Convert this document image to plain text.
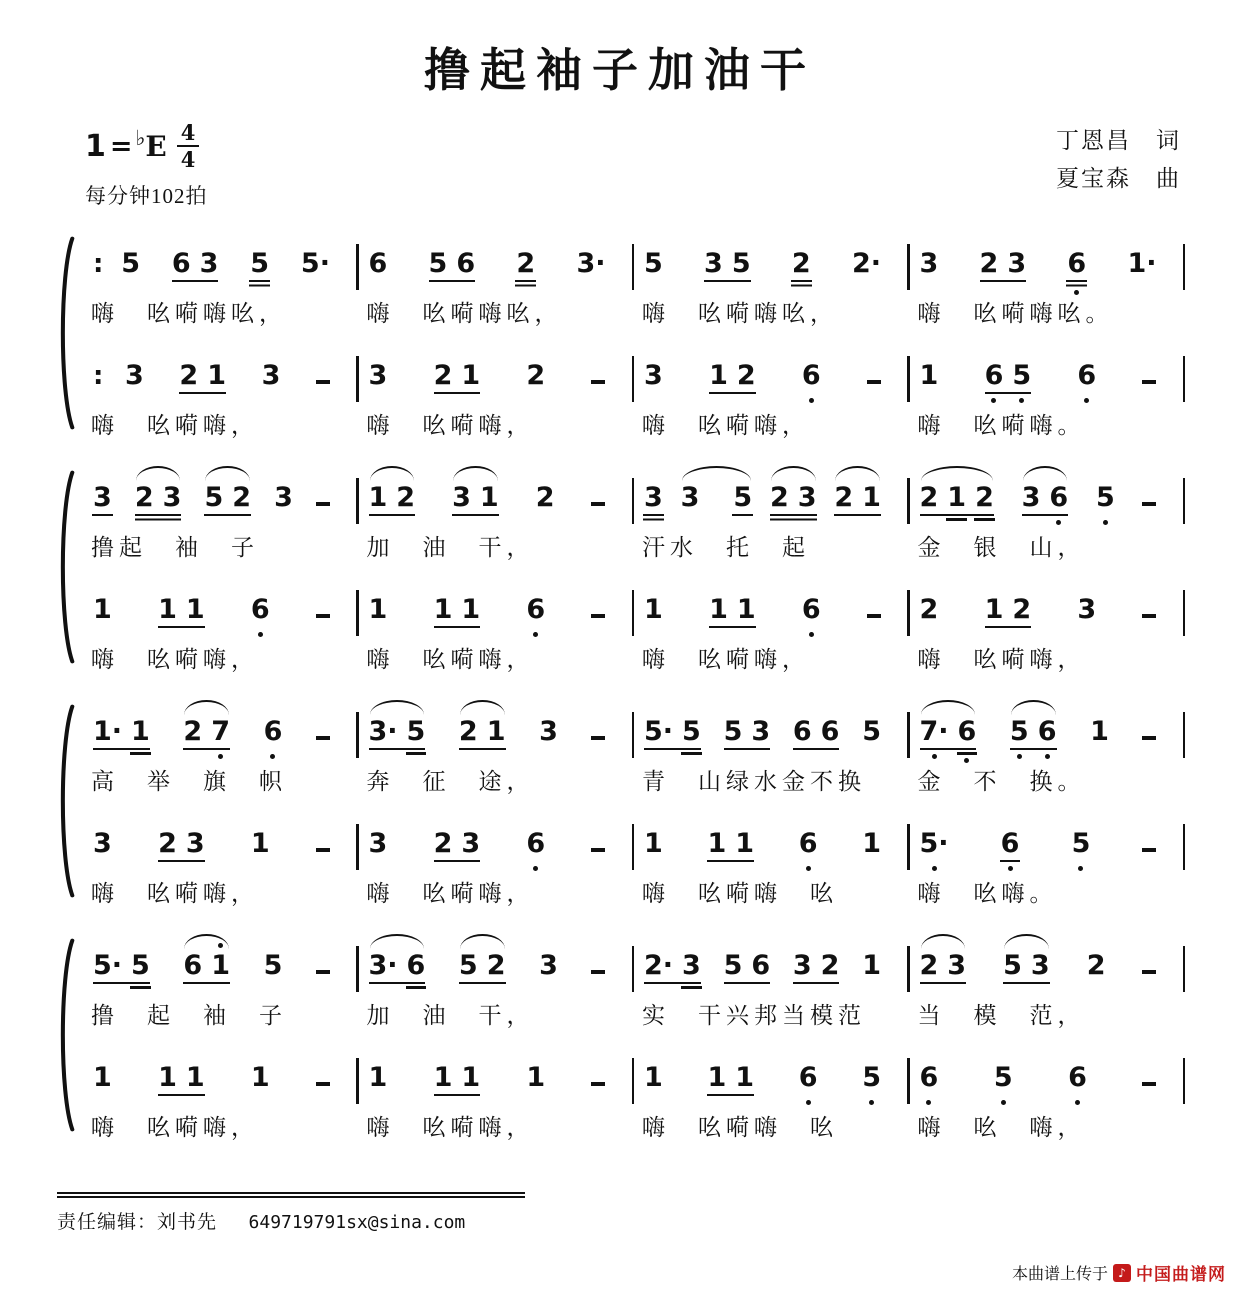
撸起袖子加油干
1 = ♭ E $\frac{4}{4}$
每分钟102拍
丁恩昌　词
夏宝森　曲
: 5 6 3 5 5·
嗨　吆嗬嗨吆，
6 5 6 2 3·
嗨　吆嗬嗨吆，
5 3 5 2 2·
嗨　吆嗬嗨吆，
3 2 3 6 1·
嗨　吆嗬嗨吆。
: 3 2 1 3
嗨　吆嗬嗨，
3 2 1 2
嗨　吆嗬嗨，
3 1 2 6
嗨　吆嗬嗨，
1 6 5 6
嗨　吆嗬嗨。
3 2 3 5 2 3
撸起　袖　子
1 2 3 1 2
加　油　干，
3 3 5 2 3 2 1
汗水　托　起
2 1 2 3 6 5
金　银　山，
1 1 1 6
嗨　吆嗬嗨，
1 1 1 6
嗨　吆嗬嗨，
1 1 1 6
嗨　吆嗬嗨，
2 1 2 3
嗨　吆嗬嗨，
1· 1 2 7 6
高　举　旗　帜
3· 5 2 1 3
奔　征　途，
5· 5 5 3 6 6 5
青　山绿水金不换
7· 6 5 6 1
金　不　换。
3 2 3 1
嗨　吆嗬嗨，
3 2 3 6
嗨　吆嗬嗨，
1 1 1 6 1
嗨　吆嗬嗨　吆
5· 6 5
嗨　吆嗨。
5· 5 6 1 5
撸　起　袖　子
3· 6 5 2 3
加　油　干，
2· 3 5 6 3 2 1
实　干兴邦当模范
2 3 5 3 2
当　模　范，
1 1 1 1
嗨　吆嗬嗨，
1 1 1 1
嗨　吆嗬嗨，
1 1 1 6 5
嗨　吆嗬嗨　吆
6 5 6
嗨　吆　嗨，
责任编辑：刘书先 　 649719791sx@sina.com
本曲谱上传于 ♪ 中国曲谱网
